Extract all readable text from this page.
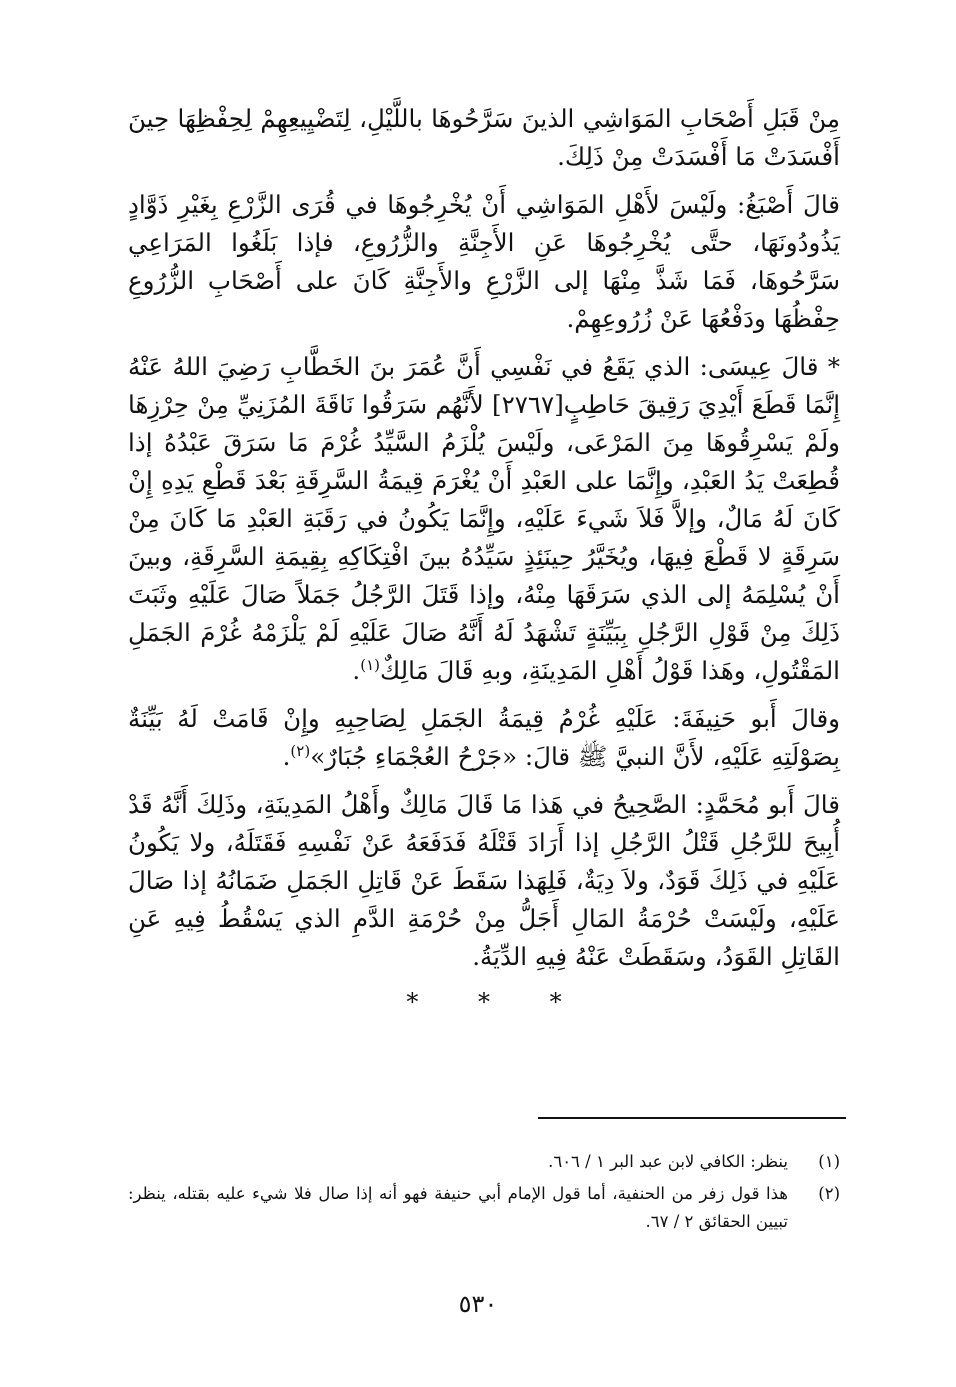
مِنْ قَبَلِ أَصْحَابِ المَوَاشِي الذينَ سَرَّحُوهَا باللَّيْلِ، لِتَضْيِيعِهِمْ لِحِفْظِهَا حِينَ أَفْسَدَتْ مَا أَفْسَدَتْ مِنْ ذَلِكَ.

قالَ أَصْبَغُ: ولَيْسَ لأَهْلِ المَوَاشِي أَنْ يُخْرِجُوهَا في قُرَى الزَّرْعِ بِغَيْرِ ذَوَّادٍ يَذُودُونَهَا، حتَّى يُخْرِجُوهَا عَنِ الأَجِنَّةِ والزُّرُوعِ، فإذا بَلَغُوا المَرَاعِي سَرَّحُوهَا، فَمَا شَذَّ مِنْهَا إلى الزَّرْعِ والأَجِنَّةِ كَانَ على أَصْحَابِ الزُّرُوعِ حِفْظُهَا ودَفْعُهَا عَنْ زُرُوعِهِمْ.

* قالَ عِيسَى: الذي يَقَعُ في نَفْسِي أَنَّ عُمَرَ بنَ الخَطَّابِ رَضِيَ اللهُ عَنْهُ إِنَّمَا قَطَعَ أَيْدِيَ رَقِيقَ حَاطِبٍ[٢٧٦٧] لأَنَّهُم سَرَقُوا نَاقَةَ المُزَنِيِّ مِنْ حِرْزِهَا ولَمْ يَسْرِقُوهَا مِنَ المَرْعَى، ولَيْسَ يُلْزَمُ السَّيِّدُ غُرْمَ مَا سَرَقَ عَبْدُهُ إذا قُطِعَتْ يَدُ العَبْدِ، وإِنَّمَا على العَبْدِ أَنْ يُغْرَمَ قِيمَةُ السَّرِقَةِ بَعْدَ قَطْعِ يَدِهِ إِنْ كَانَ لَهُ مَالٌ، وإلاَّ فَلاَ شَيءَ عَلَيْهِ، وإِنَّمَا يَكُونُ في رَقَبَةِ العَبْدِ مَا كَانَ مِنْ سَرِقَةٍ لا قَطْعَ فِيهَا، ويُخَيَّرُ حِينَئِذٍ سَيِّدُهُ بينَ افْتِكَاكِهِ بِقِيمَةِ السَّرِقَةِ، وبينَ أَنْ يُسْلِمَهُ إلى الذي سَرَقَهَا مِنْهُ، وإذا قَتَلَ الرَّجُلُ جَمَلاً صَالَ عَلَيْهِ وثَبَتَ ذَلِكَ مِنْ قَوْلِ الرَّجُلِ بِبَيِّنَةٍ تَشْهَدُ لَهُ أَنَّهُ صَالَ عَلَيْهِ لَمْ يَلْزَمْهُ غُرْمَ الجَمَلِ المَقْتُولِ، وهَذا قَوْلُ أَهْلِ المَدِينَةِ، وبهِ قَالَ مَالِكٌ$^{(١)}$.

وقالَ أَبو حَنِيفَةَ: عَلَيْهِ غُرْمُ قِيمَةُ الجَمَلِ لِصَاحِبِهِ وإِنْ قَامَتْ لَهُ بَيِّنَةٌ بِصَوْلَتِهِ عَلَيْهِ، لأَنَّ النبيَّ ﷺ قالَ: «جَرْحُ العُجْمَاءِ جُبَارٌ»$^{(٢)}$.

قالَ أَبو مُحَمَّدٍ: الصَّحِيحُ في هَذا مَا قَالَ مَالِكٌ وأَهْلُ المَدِينَةِ، وذَلِكَ أَنَّهُ قَدْ أُبِيحَ للرَّجُلِ قَتْلُ الرَّجُلِ إذا أَرَادَ قَتْلَهُ فَدَفَعَهُ عَنْ نَفْسِهِ فَقَتَلَهُ، ولا يَكُونُ عَلَيْهِ في ذَلِكَ قَوَدٌ، ولاَ دِيَةٌ، فَلِهَذا سَقَطَ عَنْ قَاتِلِ الجَمَلِ ضَمَانُهُ إذا صَالَ عَلَيْهِ، ولَيْسَتْ حُرْمَةُ المَالِ أَجَلُّ مِنْ حُرْمَةِ الدَّمِ الذي يَسْقُطُ فِيهِ عَنِ القَاتِلِ القَوَدُ، وسَقَطَتْ عَنْهُ فِيهِ الدِّيَةُ.

* * *
(١)
ينظر: الكافي لابن عبد البر ١ / ٦٠٦.
(٢)
هذا قول زفر من الحنفية، أما قول الإمام أبي حنيفة فهو أنه إذا صال فلا شيء عليه بقتله، ينظر: تبيين الحقائق ٢ / ٦٧.
٥٣٠
